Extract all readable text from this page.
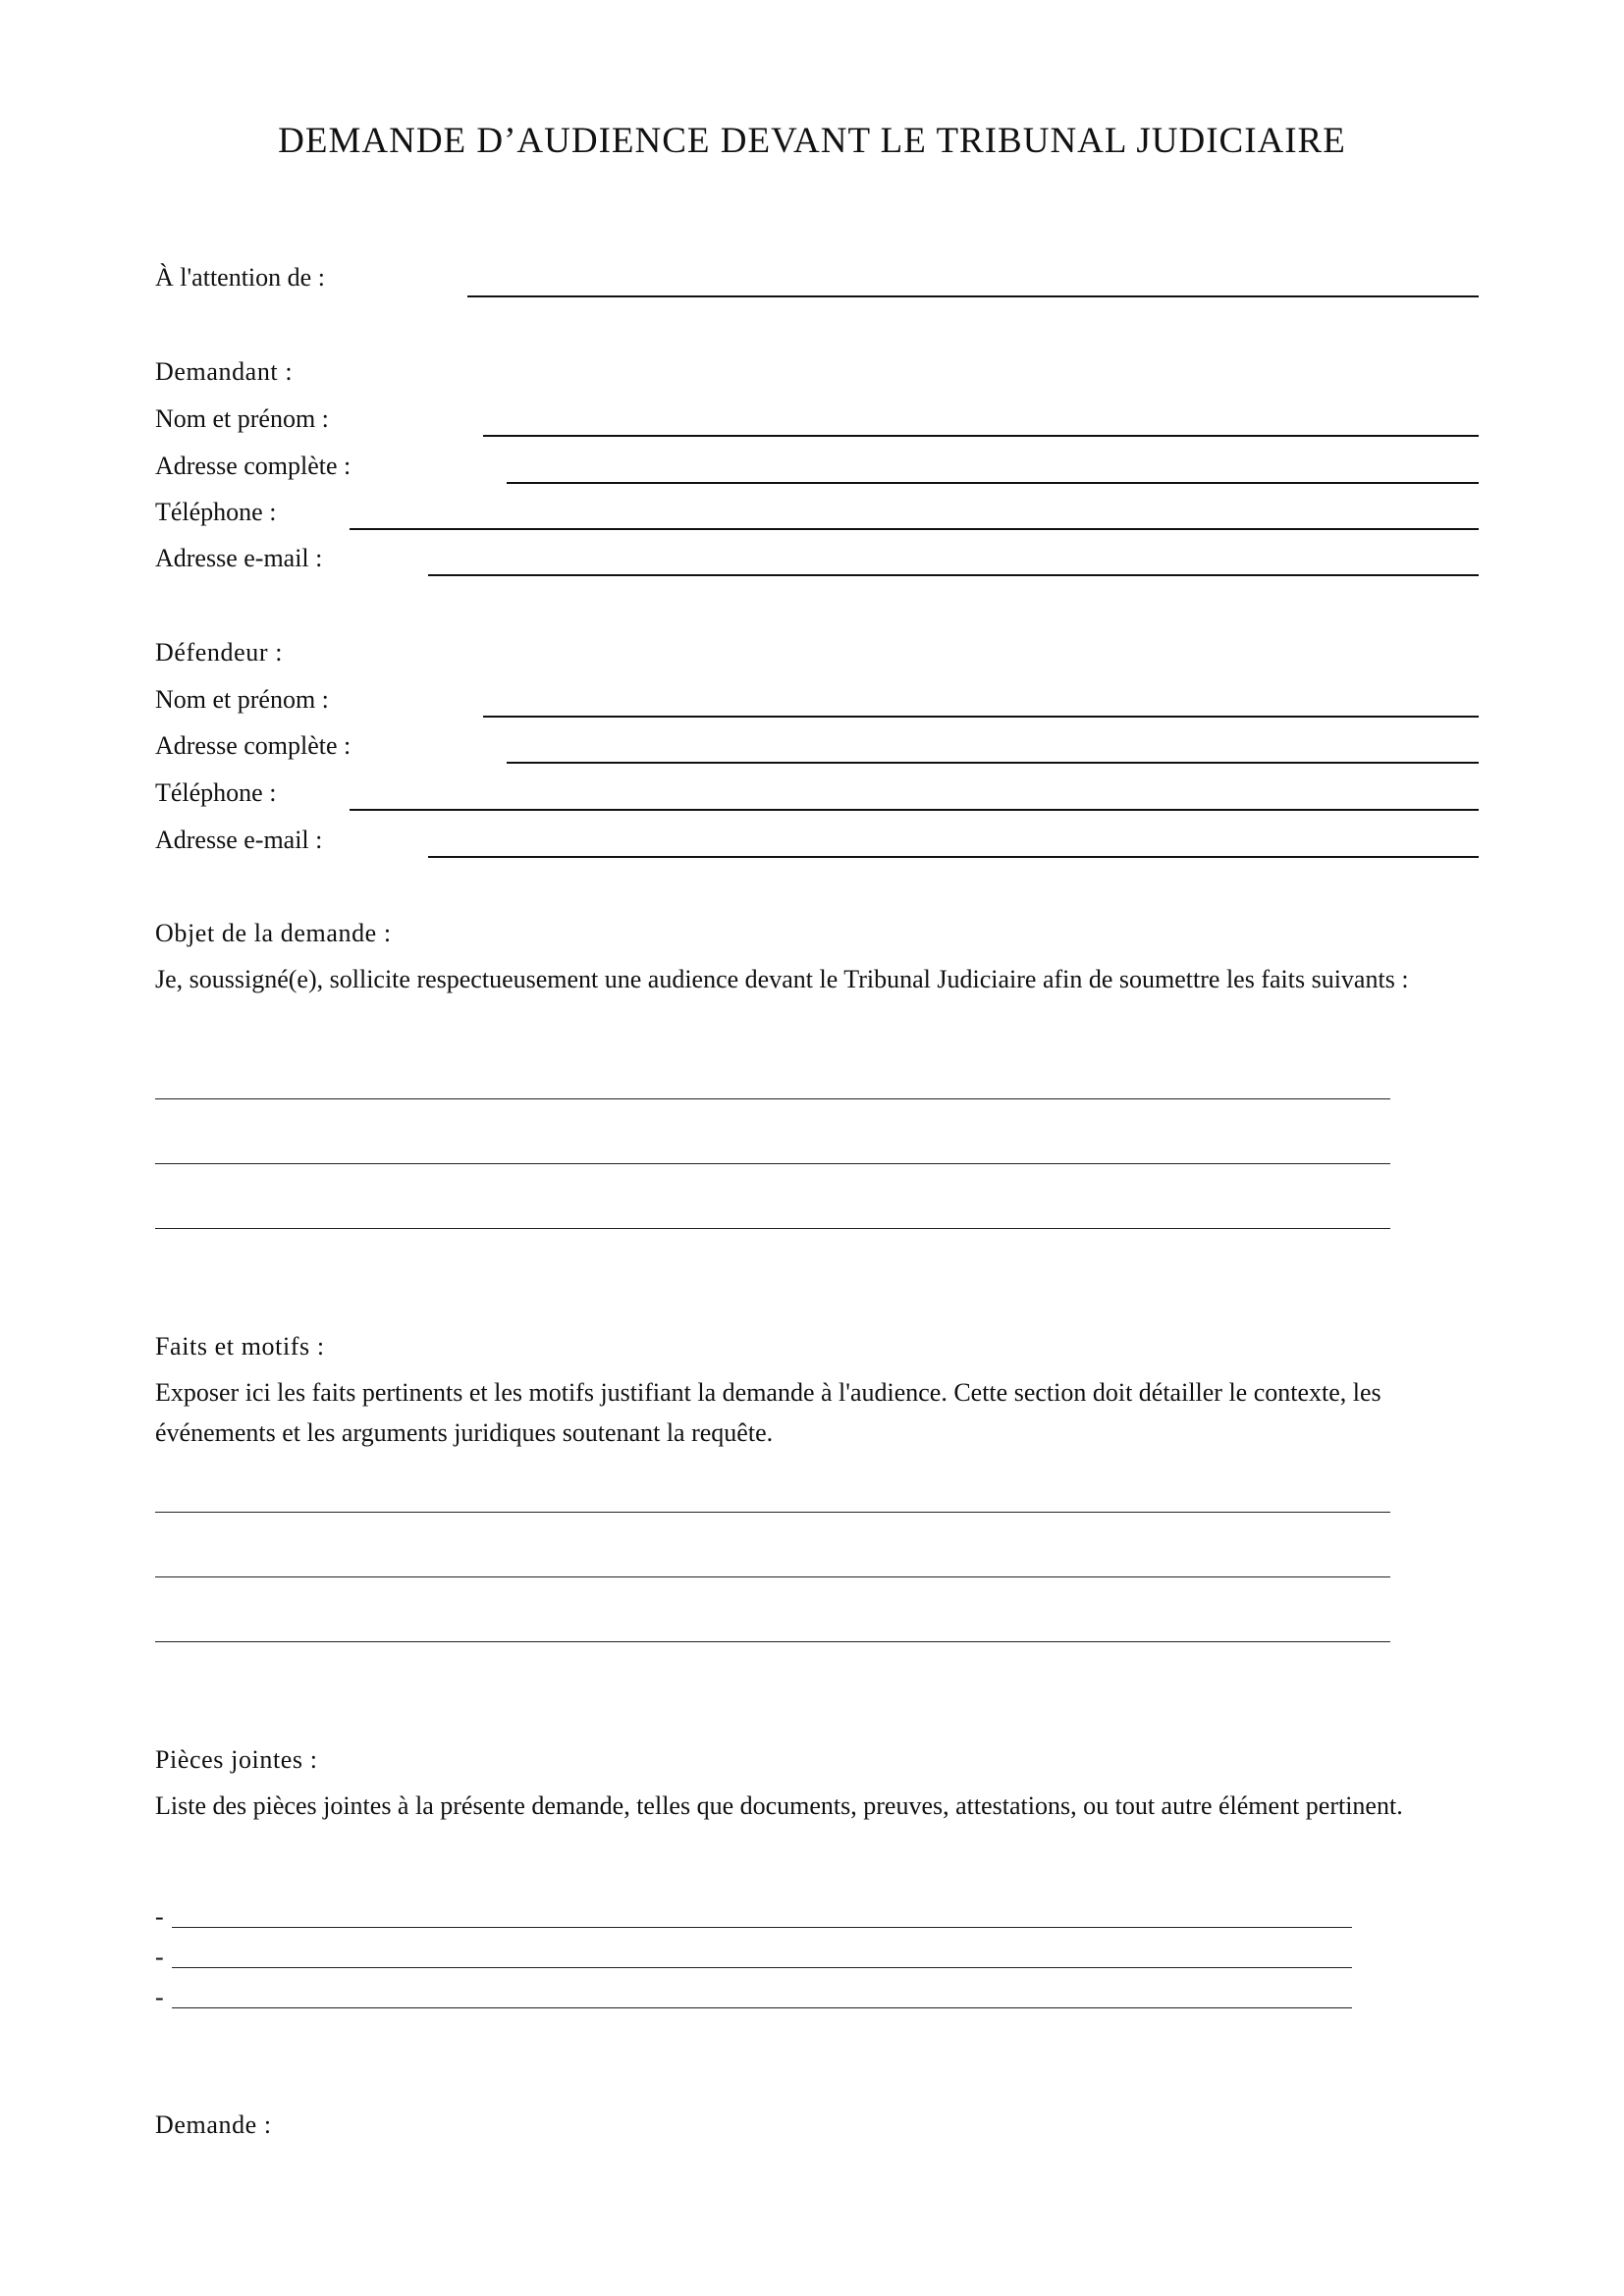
DEMANDE D’AUDIENCE DEVANT LE TRIBUNAL JUDICIAIRE
À l'attention de :
Demandant :
Nom et prénom :
Adresse complète :
Téléphone :
Adresse e-mail :
Défendeur :
Nom et prénom :
Adresse complète :
Téléphone :
Adresse e-mail :
Objet de la demande :
Je, soussigné(e), sollicite respectueusement une audience devant le Tribunal Judiciaire afin de soumettre les faits suivants :
Faits et motifs :
Exposer ici les faits pertinents et les motifs justifiant la demande à l'audience. Cette section doit détailler le contexte, les événements et les arguments juridiques soutenant la requête.
Pièces jointes :
Liste des pièces jointes à la présente demande, telles que documents, preuves, attestations, ou tout autre élément pertinent.
-
-
-
Demande :
